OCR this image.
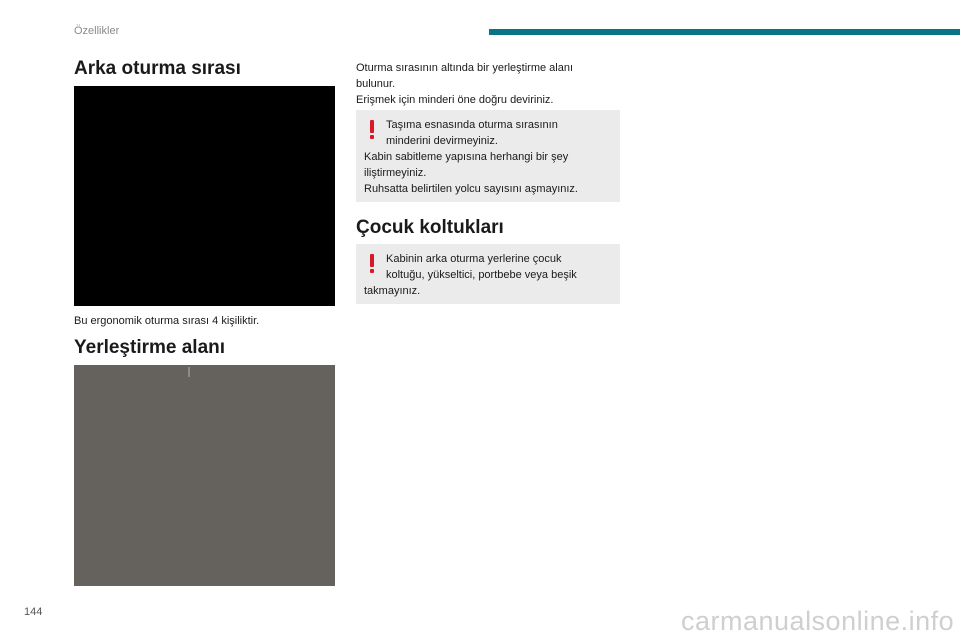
Özellikler
Arka oturma sırası
Bu ergonomik oturma sırası 4 kişiliktir.
Yerleştirme alanı
Oturma sırasının altında bir yerleştirme alanı
bulunur.
Erişmek için minderi öne doğru deviriniz.

Taşıma esnasında oturma sırasının

minderini devirmeyiniz.

Kabin sabitleme yapısına herhangi bir şey

iliştirmeyiniz.

Ruhsatta belirtilen yolcu sayısını aşmayınız.

Çocuk koltukları

Kabinin arka oturma yerlerine çocuk

koltuğu, yükseltici, portbebe veya beşik

takmayınız.

144	carmanualsonline.info
